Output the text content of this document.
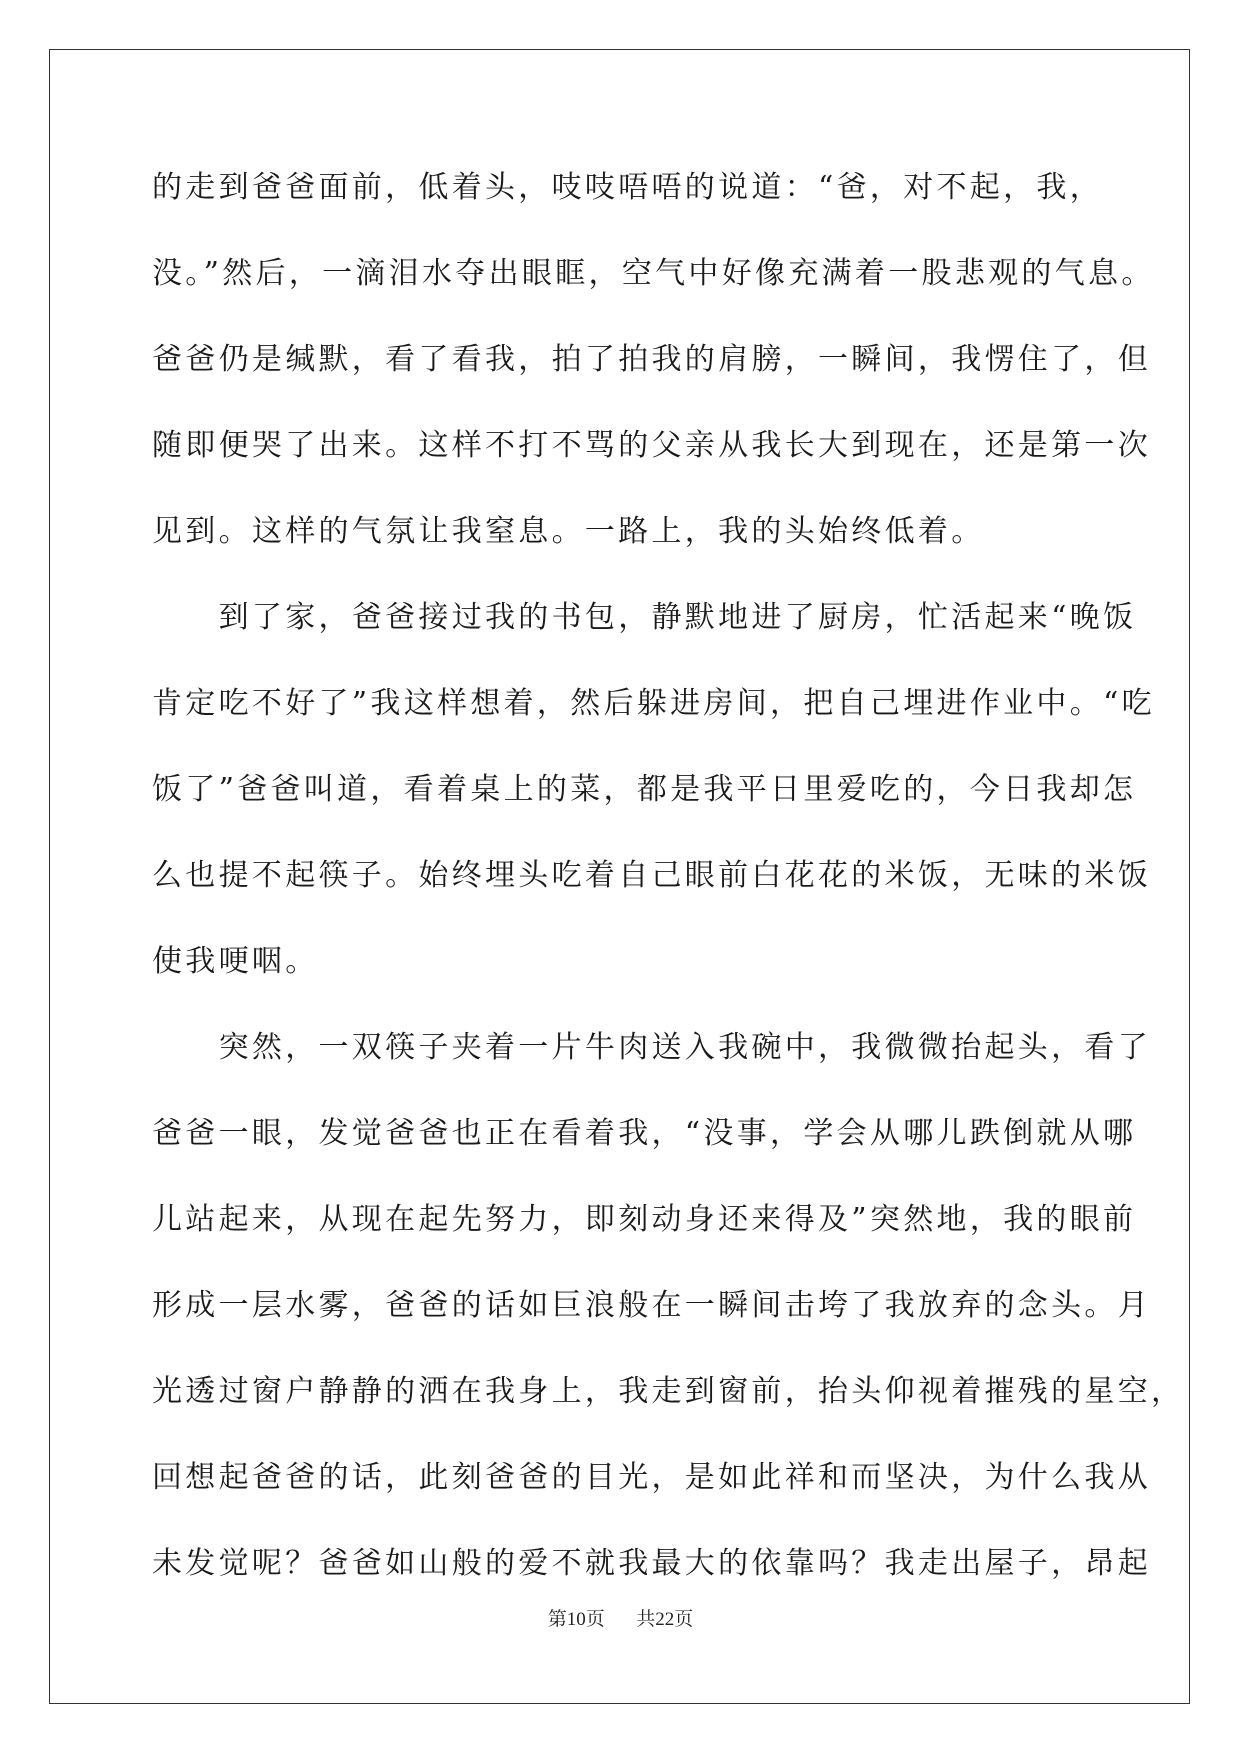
的走到爸爸面前，低着头，吱吱唔唔的说道：“爸，对不起，我，
没。”然后，一滴泪水夺出眼眶，空气中好像充满着一股悲观的气息。
爸爸仍是缄默，看了看我，拍了拍我的肩膀，一瞬间，我愣住了，但
随即便哭了出来。这样不打不骂的父亲从我长大到现在，还是第一次
见到。这样的气氛让我窒息。一路上，我的头始终低着。
　　到了家，爸爸接过我的书包，静默地进了厨房，忙活起来“晚饭
肯定吃不好了”我这样想着，然后躲进房间，把自己埋进作业中。“吃
饭了”爸爸叫道，看着桌上的菜，都是我平日里爱吃的，今日我却怎
么也提不起筷子。始终埋头吃着自己眼前白花花的米饭，无味的米饭
使我哽咽。
　　突然，一双筷子夹着一片牛肉送入我碗中，我微微抬起头，看了
爸爸一眼，发觉爸爸也正在看着我，“没事，学会从哪儿跌倒就从哪
儿站起来，从现在起先努力，即刻动身还来得及”突然地，我的眼前
形成一层水雾，爸爸的话如巨浪般在一瞬间击垮了我放弃的念头。月
光透过窗户静静的洒在我身上，我走到窗前，抬头仰视着摧残的星空，
回想起爸爸的话，此刻爸爸的目光，是如此祥和而坚决，为什么我从
未发觉呢？爸爸如山般的爱不就我最大的依靠吗？我走出屋子，昂起
第10页 共22页
